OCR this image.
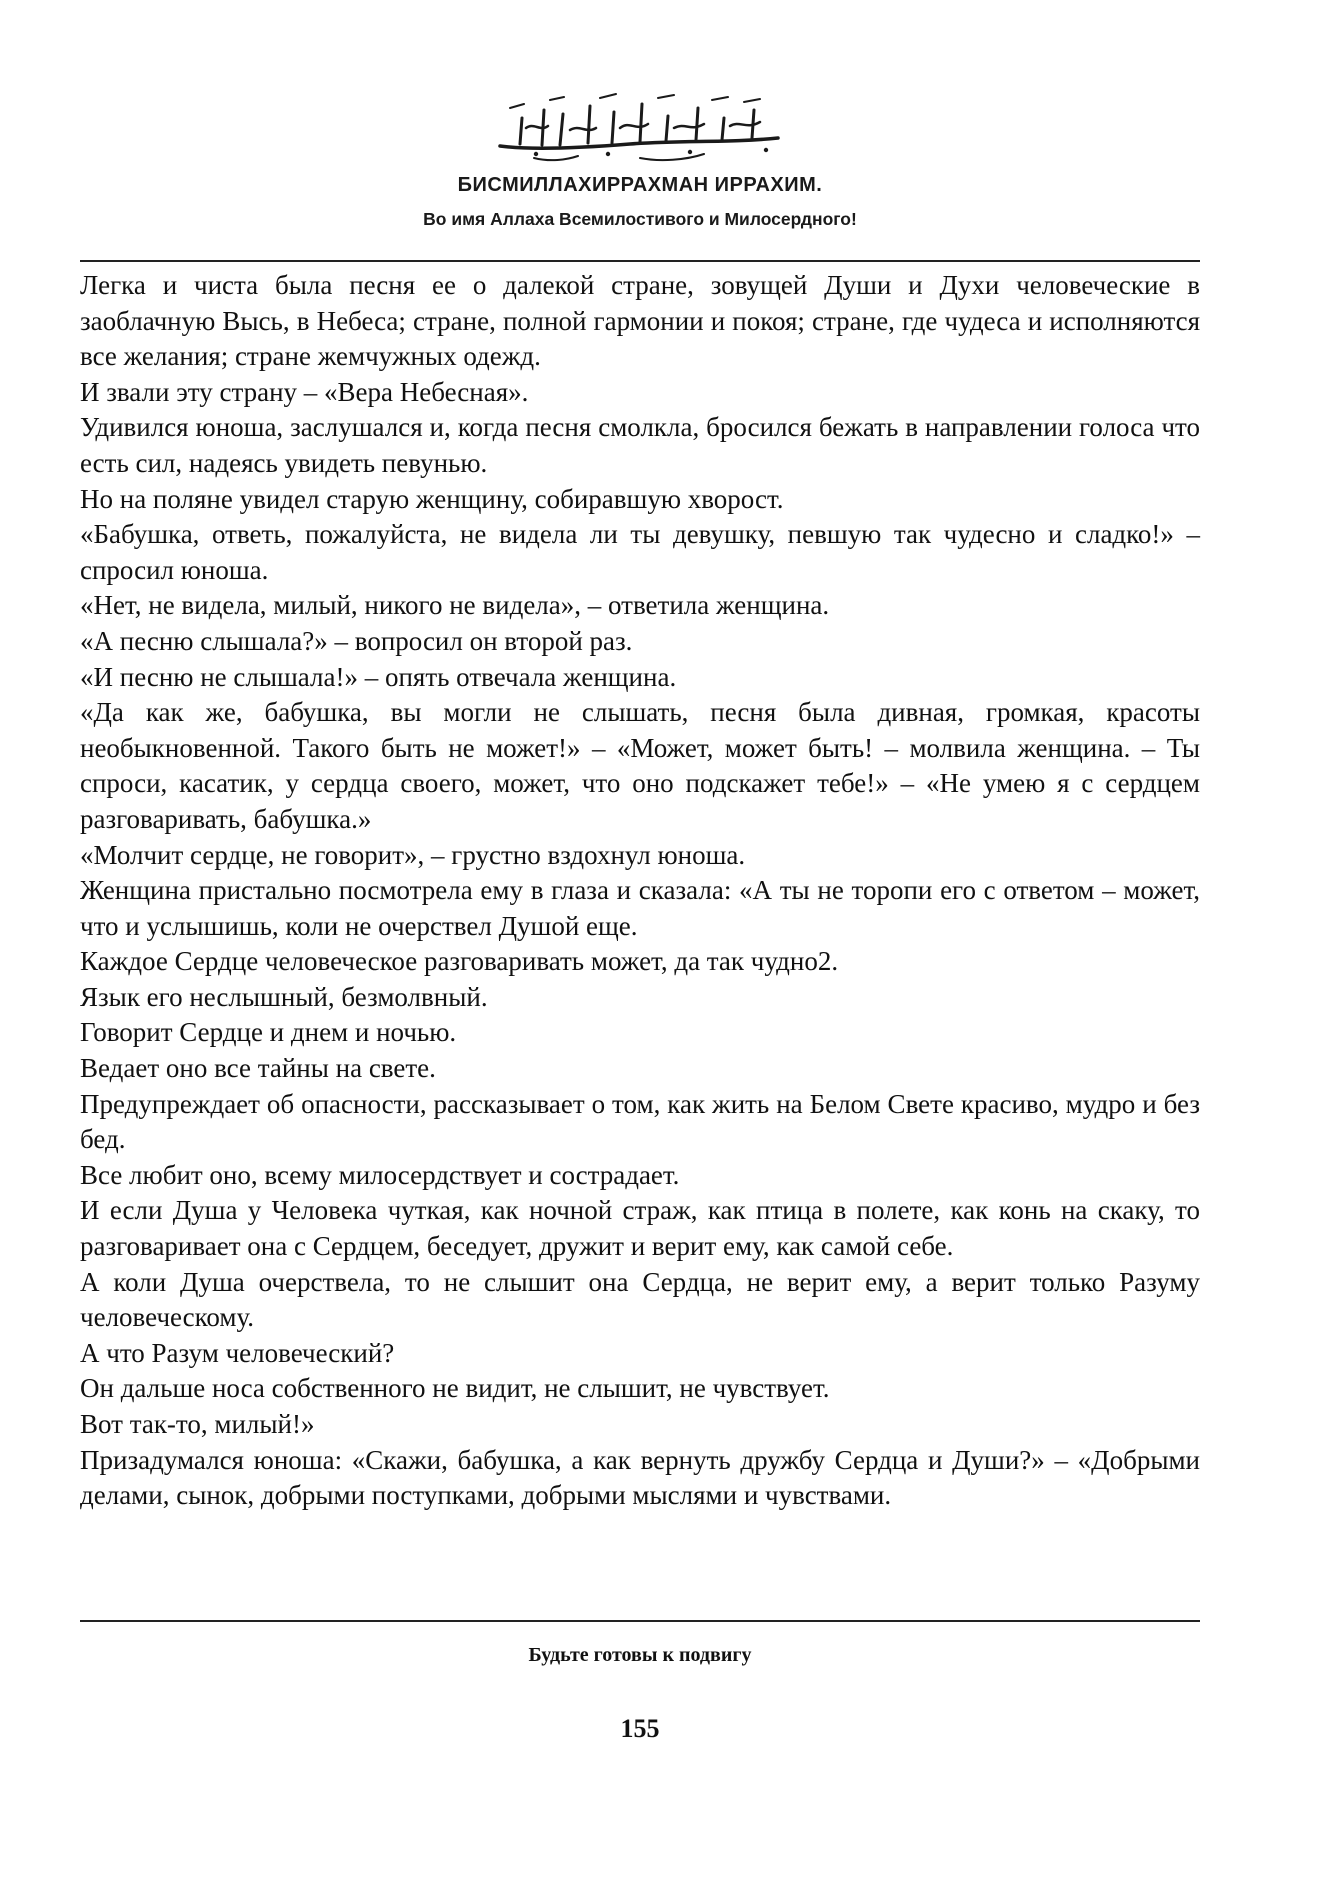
БИСМИЛЛАХИРРАХМАН ИРРАХИМ.
Во имя Аллаха Всемилостивого и Милосердного!

Легка и чиста была песня ее о далекой стране, зовущей Души и Духи человеческие в заоблачную Высь, в Небеса; стране, полной гармонии и покоя; стране, где чудеса и исполняются все желания; стране жемчужных одежд.

И звали эту страну – «Вера Небесная».

Удивился юноша, заслушался и, когда песня смолкла, бросился бежать в направлении голоса что есть сил, надеясь увидеть певунью.

Но на поляне увидел старую женщину, собиравшую хворост.

«Бабушка, ответь, пожалуйста, не видела ли ты девушку, певшую так чудесно и сладко!» – спросил юноша.

«Нет, не видела, милый, никого не видела», – ответила женщина.

«А песню слышала?» – вопросил он второй раз.

«И песню не слышала!» – опять отвечала женщина.

«Да как же, бабушка, вы могли не слышать, песня была дивная, громкая, красоты необыкновенной. Такого быть не может!» – «Может, может быть! – молвила женщина. – Ты спроси, касатик, у сердца своего, может, что оно подскажет тебе!» – «Не умею я с сердцем разговаривать, бабушка.»

«Молчит сердце, не говорит», – грустно вздохнул юноша.

Женщина пристально посмотрела ему в глаза и сказала: «А ты не торопи его с ответом – может, что и услышишь, коли не очерствел Душой еще.

Каждое Сердце человеческое разговаривать может, да так чудно2.

Язык его неслышный, безмолвный.

Говорит Сердце и днем и ночью.

Ведает оно все тайны на свете.

Предупреждает об опасности, рассказывает о том, как жить на Белом Свете красиво, мудро и без бед.

Все любит оно, всему милосердствует и сострадает.

И если Душа у Человека чуткая, как ночной страж, как птица в полете, как конь на скаку, то разговаривает она с Сердцем, беседует, дружит и верит ему, как самой себе.

А коли Душа очерствела, то не слышит она Сердца, не верит ему, а верит только Разуму человеческому.

А что Разум человеческий?

Он дальше носа собственного не видит, не слышит, не чувствует.

Вот так-то, милый!»

Призадумался юноша: «Скажи, бабушка, а как вернуть дружбу Сердца и Души?» – «Добрыми делами, сынок, добрыми поступками, добрыми мыслями и чувствами.

Будьте готовы к подвигу
155
